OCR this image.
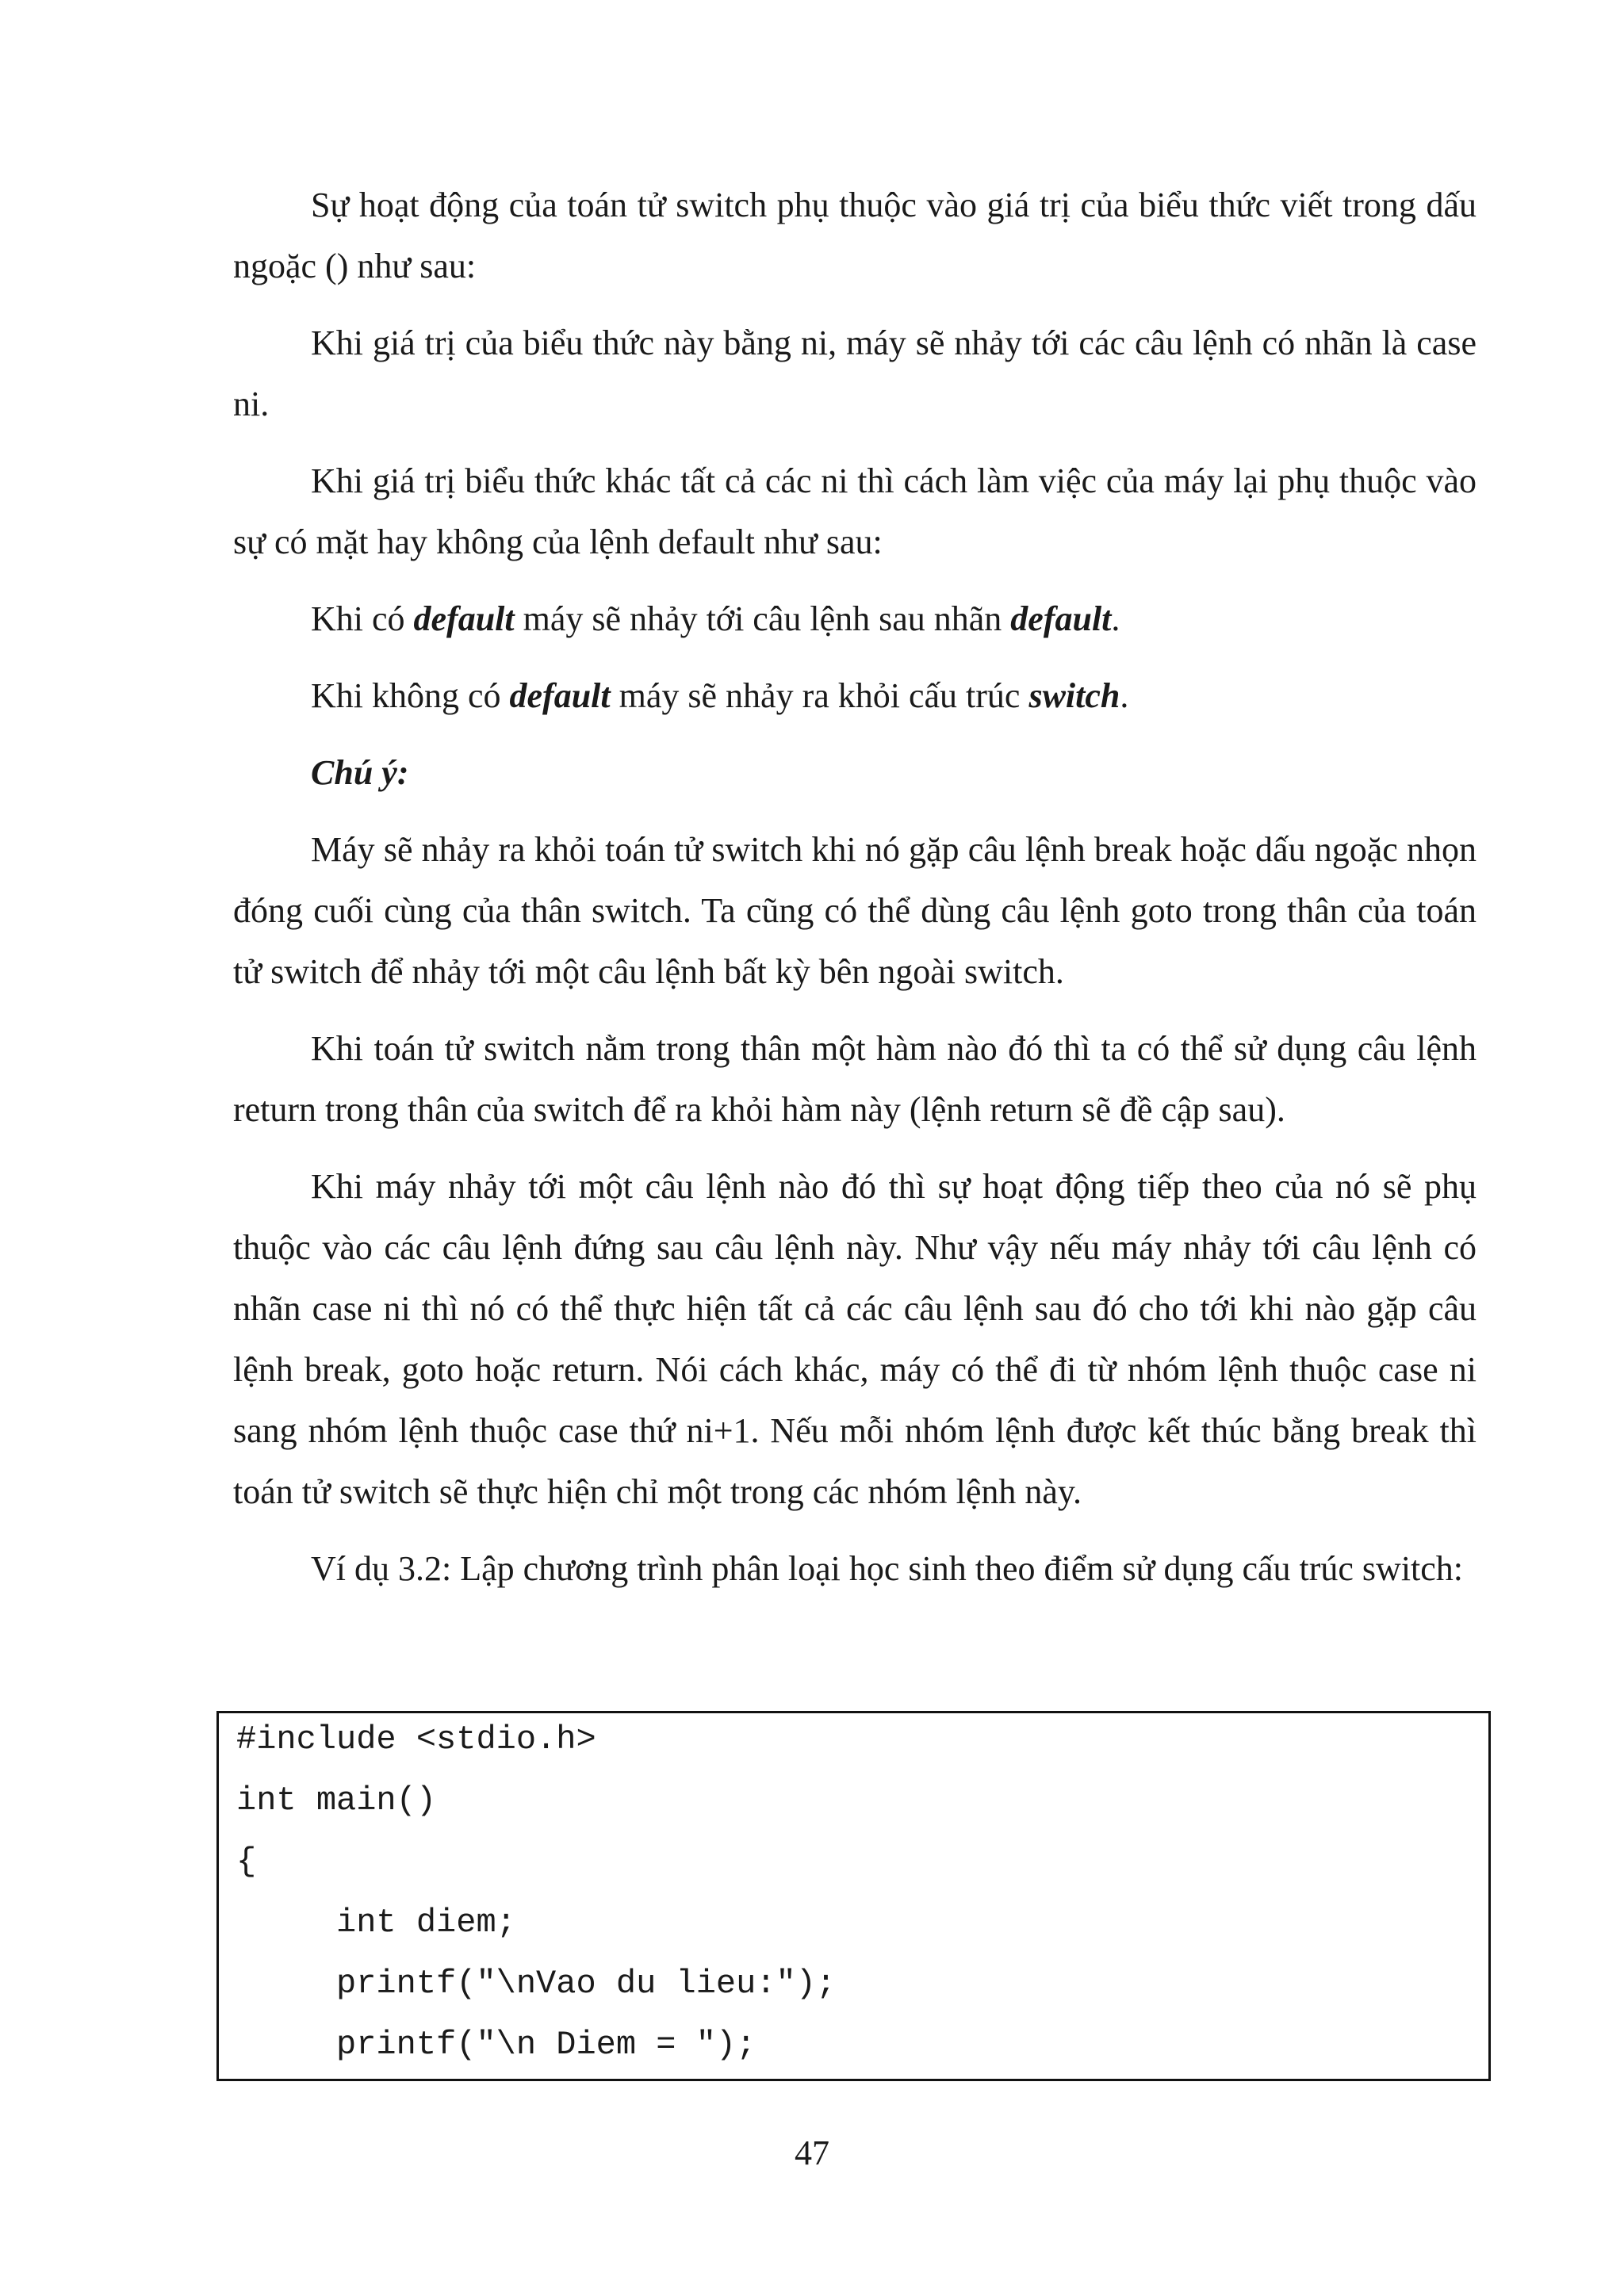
Sự hoạt động của toán tử switch phụ thuộc vào giá trị của biểu thức viết trong dấu ngoặc () như sau:

Khi giá trị của biểu thức này bằng ni, máy sẽ nhảy tới các câu lệnh có nhãn là case ni.

Khi giá trị biểu thức khác tất cả các ni thì cách làm việc của máy lại phụ thuộc vào sự có mặt hay không của lệnh default như sau:

Khi có default máy sẽ nhảy tới câu lệnh sau nhãn default.

Khi không có default máy sẽ nhảy ra khỏi cấu trúc switch.

Chú ý:

Máy sẽ nhảy ra khỏi toán tử switch khi nó gặp câu lệnh break hoặc dấu ngoặc nhọn đóng cuối cùng của thân switch. Ta cũng có thể dùng câu lệnh goto trong thân của toán tử switch để nhảy tới một câu lệnh bất kỳ bên ngoài switch.

Khi toán tử switch nằm trong thân một hàm nào đó thì ta có thể sử dụng câu lệnh return trong thân của switch để ra khỏi hàm này (lệnh return sẽ đề cập sau).

Khi máy nhảy tới một câu lệnh nào đó thì sự hoạt động tiếp theo của nó sẽ phụ thuộc vào các câu lệnh đứng sau câu lệnh này. Như vậy nếu máy nhảy tới câu lệnh có nhãn case ni thì nó có thể thực hiện tất cả các câu lệnh sau đó cho tới khi nào gặp câu lệnh break, goto hoặc return. Nói cách khác, máy có thể đi từ nhóm lệnh thuộc case ni sang nhóm lệnh thuộc case thứ ni+1. Nếu mỗi nhóm lệnh được kết thúc bằng break thì toán tử switch sẽ thực hiện chỉ một trong các nhóm lệnh này.

Ví dụ 3.2: Lập chương trình phân loại học sinh theo điểm sử dụng cấu trúc switch:

#include <stdio.h>
int main()
{
int diem;
printf("\nVao du lieu:");
printf("\n Diem = ");
47
